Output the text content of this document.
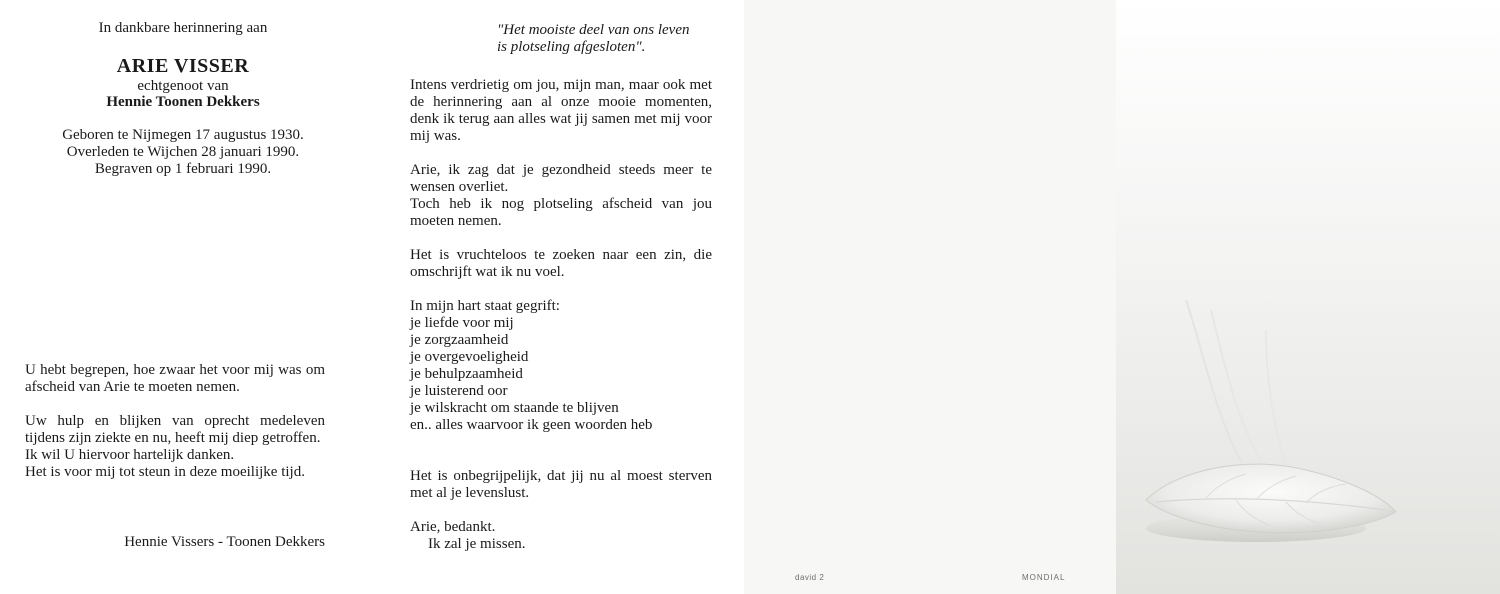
In dankbare herinnering aan
ARIE VISSER
echtgenoot van
Hennie Toonen Dekkers
Geboren te Nijmegen 17 augustus 1930.
Overleden te Wijchen 28 januari 1990.
Begraven op 1 februari 1990.

U hebt begrepen, hoe zwaar het voor mij was om afscheid van Arie te moeten nemen.

Uw hulp en blijken van oprecht medeleven tijdens zijn ziekte en nu, heeft mij diep getroffen.
Ik wil U hiervoor hartelijk danken.
Het is voor mij tot steun in deze moeilijke tijd.
Hennie Vissers - Toonen Dekkers
"Het mooiste deel van ons leven
is plotseling afgesloten".

Intens verdrietig om jou, mijn man, maar ook met de herinnering aan al onze mooie momenten, denk ik terug aan alles wat jij samen met mij voor mij was.

Arie, ik zag dat je gezondheid steeds meer te wensen overliet.

Toch heb ik nog plotseling afscheid van jou moeten nemen.

Het is vruchteloos te zoeken naar een zin, die omschrijft wat ik nu voel.

In mijn hart staat gegrift:
je liefde voor mij
je zorgzaamheid
je overgevoeligheid
je behulpzaamheid
je luisterend oor
je wilskracht om staande te blijven
en.. alles waarvoor ik geen woorden heb
Het is onbegrijpelijk, dat jij nu al moest sterven met al je levenslust.
Arie, bedankt.
Ik zal je missen.
david 2	MONDIAL
